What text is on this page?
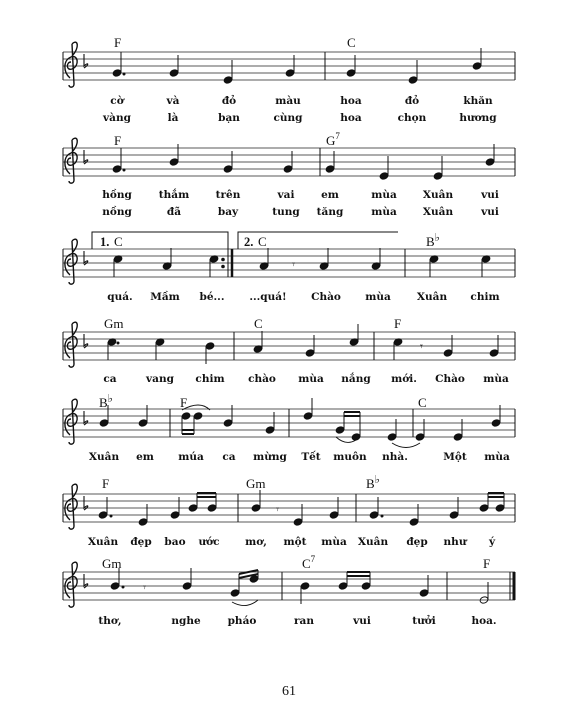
F	C
cờ	và	đỏ	màu	hoa	đỏ	khăn
vàng	là	bạn	cùng	hoa	chọn	hương
F	$G^7$
hồng	thắm	trên	vai	em	mùa Xuân	vui
nồng	đã	bay	tung tăng	mùa Xuân	vui
1.	2.
C	C	B♭
𝄾
quá. Mầm bé... ...quá! Chào mùa Xuân chim
Gm	C	F
𝄾
ca	vang chim chào mùa nắng mới. Chào mùa
B♭	F	C
Xuân em múa ca mừng Tết muôn nhà.	Một mùa
F	Gm	B♭
𝄾
Xuân đẹp bao ước mơ, một mùa Xuân đẹp như ý
Gm	$C^7$	F
𝄾
thơ,	nghe	pháo	ran	vui	tưởi	hoa.
61
